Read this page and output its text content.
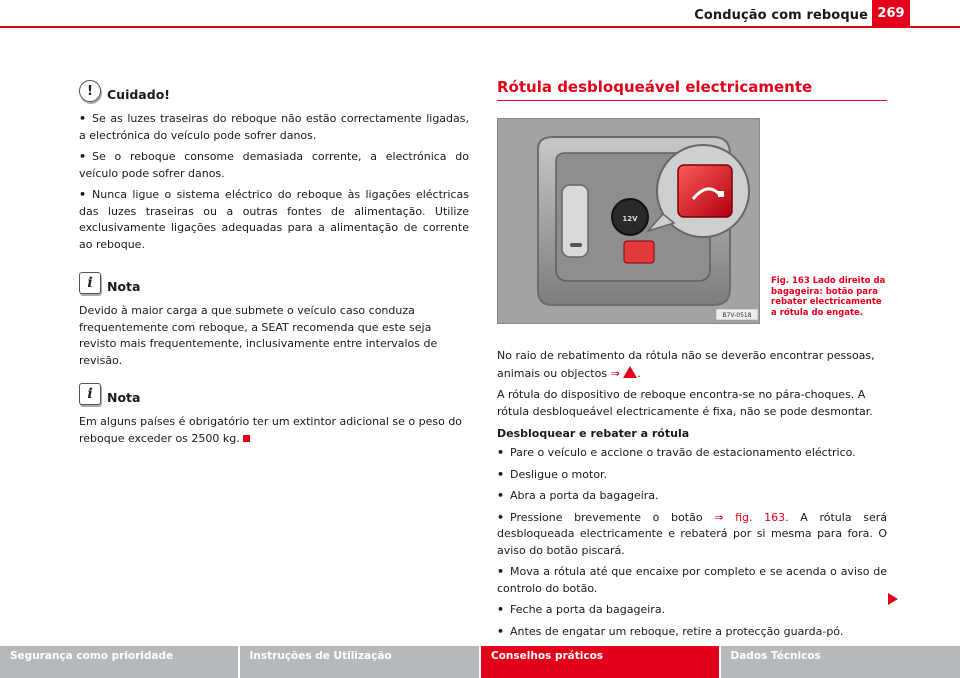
Condução com reboque 269
!	Cuidado!

• Se as luzes traseiras do reboque não estão correctamente ligadas, a electrónica do veículo pode sofrer danos.

• Se o reboque consome demasiada corrente, a electrónica do veículo pode sofrer danos.

• Nunca ligue o sistema eléctrico do reboque às ligações eléctricas das luzes traseiras ou a outras fontes de alimentação. Utilize exclusivamente ligações adequadas para a alimentação de corrente ao reboque.

i	Nota

Devido à maior carga a que submete o veículo caso conduza frequentemente com reboque, a SEAT recomenda que este seja revisto mais frequentemente, inclusivamente entre intervalos de revisão.

i	Nota

Em alguns países é obrigatório ter um extintor adicional se o peso do reboque exceder os 2500 kg.

Rótula desbloqueável electricamente
12V
B7V-0518
Fig. 163 Lado direito da bagageira: botão para rebater electricamente a rótula do engate.

No raio de rebatimento da rótula não se deverão encontrar pessoas, animais ou objectos ⇒ .

A rótula do dispositivo de reboque encontra-se no pára-choques. A rótula desbloqueável electricamente é fixa, não se pode desmontar.

Desbloquear e rebater a rótula

• Pare o veículo e accione o travão de estacionamento eléctrico.

• Desligue o motor.

• Abra a porta da bagageira.

• Pressione brevemente o botão ⇒ fig. 163. A rótula será desbloqueada electricamente e rebaterá por si mesma para fora. O aviso do botão piscará.

• Mova a rótula até que encaixe por completo e se acenda o aviso de controlo do botão.

• Feche a porta da bagageira.

• Antes de engatar um reboque, retire a protecção guarda-pó.

Segurança como prioridade	Instruções de Utilização	Conselhos práticos	Dados Técnicos
